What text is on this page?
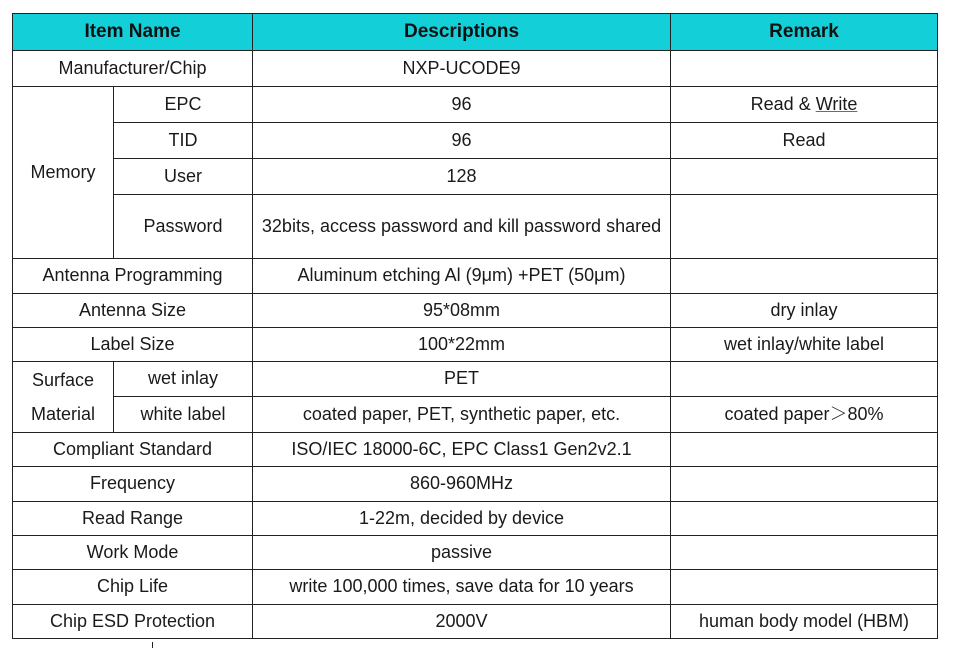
Item Name		Descriptions	Remark
Manufacturer/Chip		NXP-UCODE9	
Memory	EPC	96	Read & Write
	TID	96	Read
	User	128	
	Password	32bits, access password and kill password shared	
Antenna Programming		Aluminum etching Al (9μm) +PET (50μm)	
Antenna Size		95*08mm	dry inlay
Label Size		100*22mm	wet inlay/white label
Surface Material	wet inlay	PET	
	white label	coated paper, PET, synthetic paper, etc.	coated paper＞80%
Compliant Standard		ISO/IEC 18000-6C, EPC Class1 Gen2v2.1	
Frequency		860-960MHz	
Read Range		1-22m, decided by device	
Work Mode		passive	
Chip Life		write 100,000 times, save data for 10 years	
Chip ESD Protection		2000V	human body model (HBM)
